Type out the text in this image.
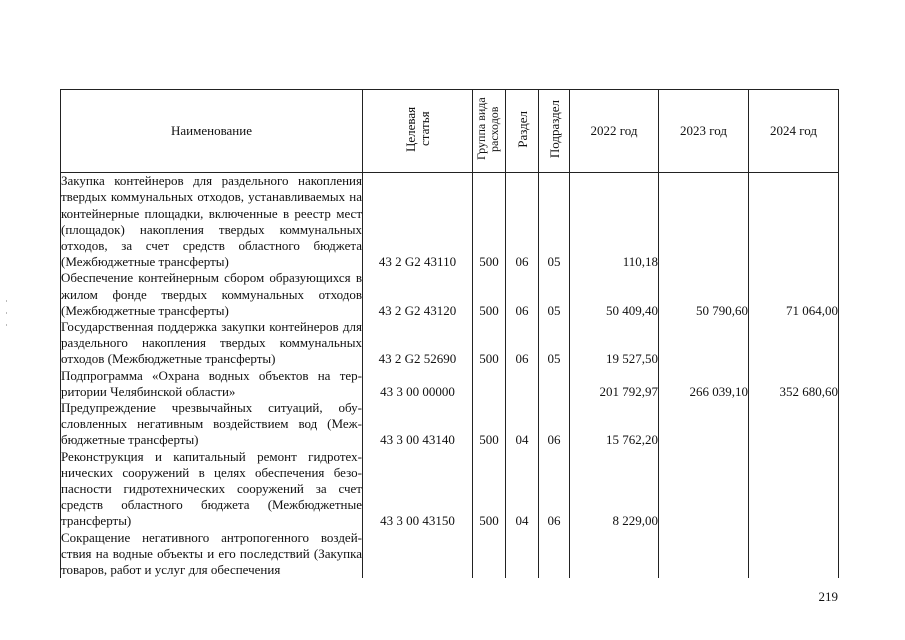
Наименование	Целевая статья	Группа вида расходов	Раздел	Подраздел	2022 год	2023 год	2024 год
Закупка контейнеров для раздельного накопления твердых коммунальных отходов, устанавливаемых на контейнерные площадки, включенные в реестр мест (площадок) накопления твердых коммунальных отходов, за счет средств областного бюджета (Межбюджетные трансферты)	43 2 G2 43110	500	06	05	110,18		
Обеспечение контейнерным сбором образующихся в жилом фонде твердых коммунальных отходов (Межбюджетные трансферты)	43 2 G2 43120	500	06	05	50 409,40	50 790,60	71 064,00
Государственная поддержка закупки контейнеров для раздельного накопления твердых коммунальных отходов (Межбюджетные трансферты)	43 2 G2 52690	500	06	05	19 527,50		
Подпрограмма «Охрана водных объектов на территории Челябинской области»	43 3 00 00000				201 792,97	266 039,10	352 680,60
Предупреждение чрезвычайных ситуаций, обусловленных негативным воздействием вод (Межбюджетные трансферты)	43 3 00 43140	500	04	06	15 762,20		
Реконструкция и капитальный ремонт гидротехнических сооружений в целях обеспечения безопасности гидротехнических сооружений за счет средств областного бюджета (Межбюджетные трансферты)	43 3 00 43150	500	04	06	8 229,00		
Сокращение негативного антропогенного воздействия на водные объекты и его последствий (Закупка товаров, работ и услуг для обеспечения							
219
